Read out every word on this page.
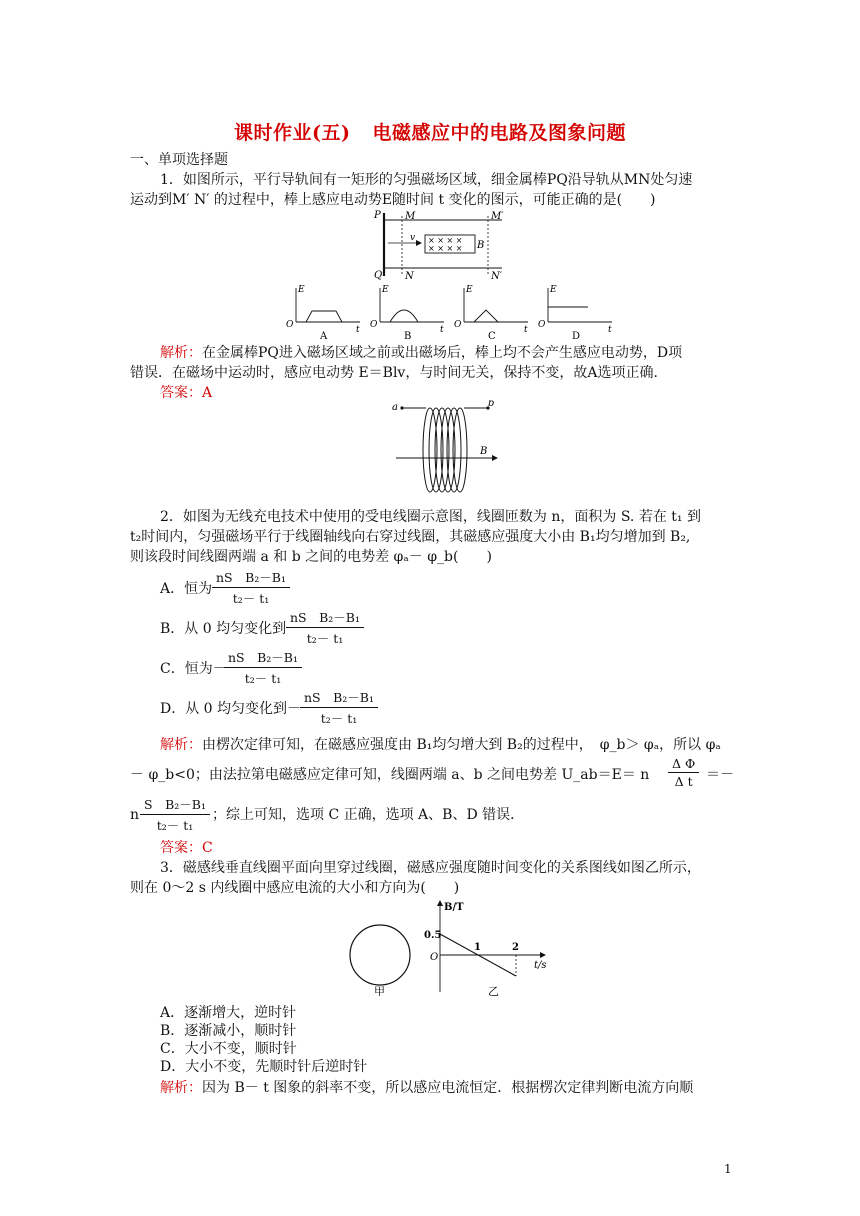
课时作业(五) 电磁感应中的电路及图象问题
一、单项选择题
1．如图所示，平行导轨间有一矩形的匀强磁场区域，细金属棒PQ沿导轨从MN处匀速
运动到M′ N′ 的过程中，棒上感应电动势E随时间 t 变化的图示，可能正确的是(　　)
P
Q
M
N
M′
N′
v × × × ×
× × × × B
E
O	t
A
E
O	t
B
E
O	t
C
E
O	t
D
解析：在金属棒PQ进入磁场区域之前或出磁场后，棒上均不会产生感应电动势，D项
错误．在磁场中运动时，感应电动势 E＝Blv，与时间无关，保持不变，故A选项正确．
答案：A
a	b
B
2．如图为无线充电技术中使用的受电线圈示意图，线圈匝数为 n，面积为 S. 若在 t₁ 到
t₂时间内，匀强磁场平行于线圈轴线向右穿过线圈，其磁感应强度大小由 B₁均匀增加到 B₂,
则该段时间线圈两端 a 和 b 之间的电势差 φₐ－ φ_b(　　)
A．恒为
nS　B₂－B₁
t₂－ t₁
B．从 0 均匀变化到
nS　B₂－B₁
t₂－ t₁
C．恒为－
nS　B₂－B₁
t₂－ t₁
D．从 0 均匀变化到－
nS　B₂－B₁
t₂－ t₁
解析：由楞次定律可知，在磁感应强度由 B₁均匀增大到 B₂的过程中，　φ_b＞ φₐ，所以 φₐ
－ φ_b<0；由法拉第电磁感应定律可知，线圈两端 a、b 之间电势差 U_ab＝E＝ n
Δ Φ
Δ t ＝－
n
S　B₂－B₁
t₂－ t₁
；综上可知，选项 C 正确，选项 A、B、D 错误．
答案：C
3．磁感线垂直线圈平面向里穿过线圈，磁感应强度随时间变化的关系图线如图乙所示，
则在 0～2 s 内线圈中感应电流的大小和方向为(　　)
甲
B/T
0.5
1	2
O
t/s
乙
A．逐渐增大，逆时针
B．逐渐减小，顺时针
C．大小不变，顺时针
D．大小不变，先顺时针后逆时针
解析：因为 B－ t 图象的斜率不变，所以感应电流恒定．根据楞次定律判断电流方向顺
1
